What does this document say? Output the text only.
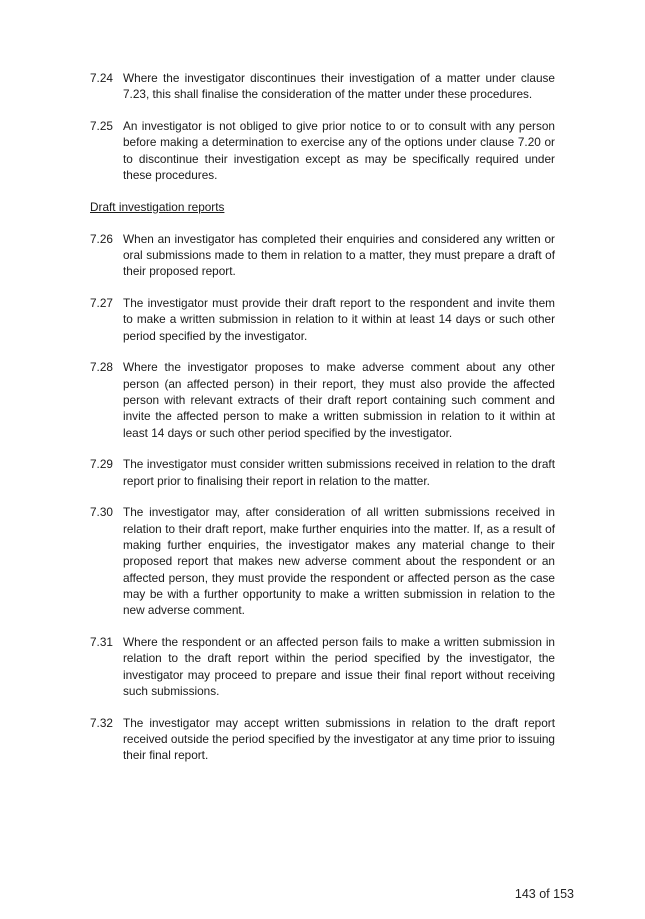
7.24 Where the investigator discontinues their investigation of a matter under clause 7.23, this shall finalise the consideration of the matter under these procedures.
7.25 An investigator is not obliged to give prior notice to or to consult with any person before making a determination to exercise any of the options under clause 7.20 or to discontinue their investigation except as may be specifically required under these procedures.
Draft investigation reports
7.26 When an investigator has completed their enquiries and considered any written or oral submissions made to them in relation to a matter, they must prepare a draft of their proposed report.
7.27 The investigator must provide their draft report to the respondent and invite them to make a written submission in relation to it within at least 14 days or such other period specified by the investigator.
7.28 Where the investigator proposes to make adverse comment about any other person (an affected person) in their report, they must also provide the affected person with relevant extracts of their draft report containing such comment and invite the affected person to make a written submission in relation to it within at least 14 days or such other period specified by the investigator.
7.29 The investigator must consider written submissions received in relation to the draft report prior to finalising their report in relation to the matter.
7.30 The investigator may, after consideration of all written submissions received in relation to their draft report, make further enquiries into the matter. If, as a result of making further enquiries, the investigator makes any material change to their proposed report that makes new adverse comment about the respondent or an affected person, they must provide the respondent or affected person as the case may be with a further opportunity to make a written submission in relation to the new adverse comment.
7.31 Where the respondent or an affected person fails to make a written submission in relation to the draft report within the period specified by the investigator, the investigator may proceed to prepare and issue their final report without receiving such submissions.
7.32 The investigator may accept written submissions in relation to the draft report received outside the period specified by the investigator at any time prior to issuing their final report.
143 of 153
